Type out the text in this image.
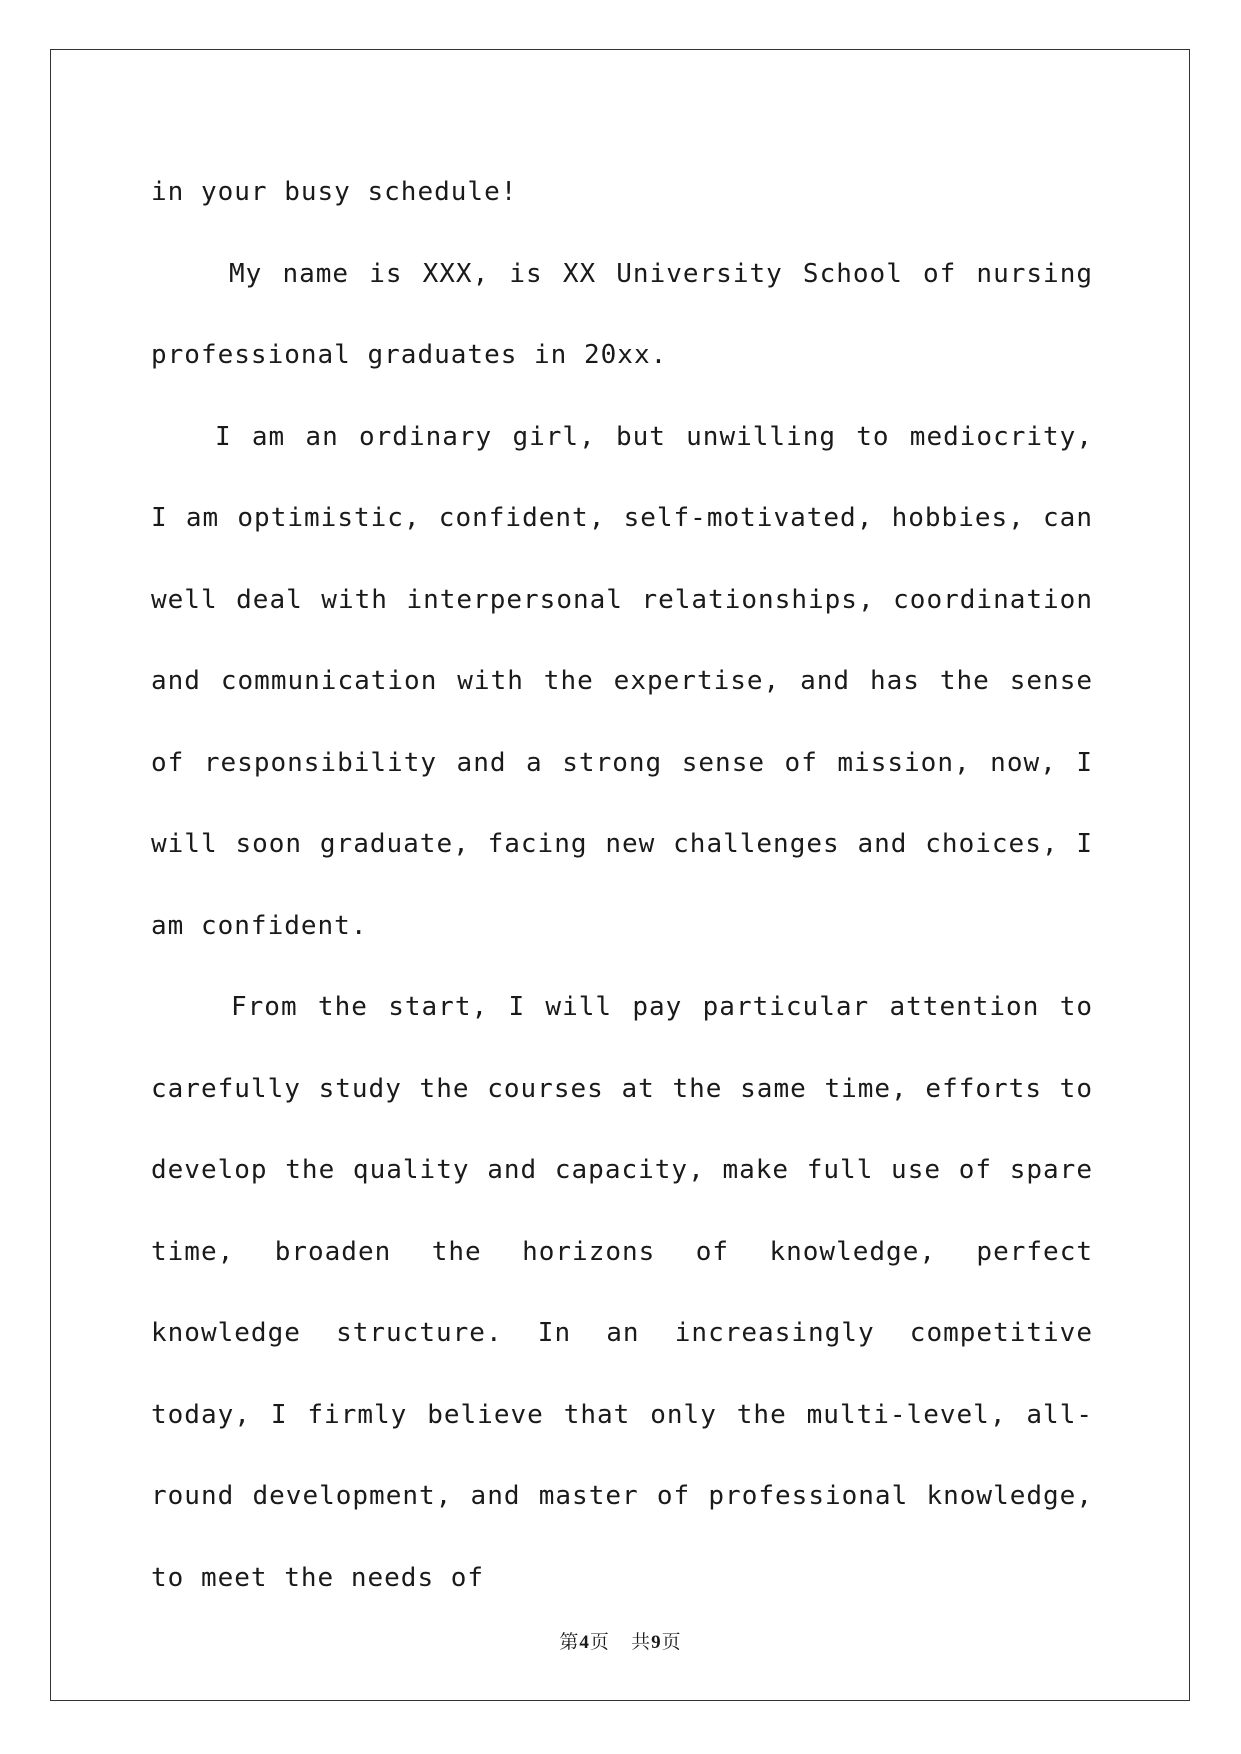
in your busy schedule!

My name is XXX, is XX University School of nursing professional graduates in 20xx.

I am an ordinary girl, but unwilling to mediocrity, I am optimistic, confident, self-motivated, hobbies, can well deal with interpersonal relationships, coordination and communication with the expertise, and has the sense of responsibility and a strong sense of mission, now, I will soon graduate, facing new challenges and choices, I am confident.

From the start, I will pay particular attention to carefully study the courses at the same time, efforts to develop the quality and capacity, make full use of spare time, broaden the horizons of knowledge, perfect knowledge structure. In an increasingly competitive today, I firmly believe that only the multi-level, all-round development, and master of professional knowledge, to meet the needs of

第4页 共9页
